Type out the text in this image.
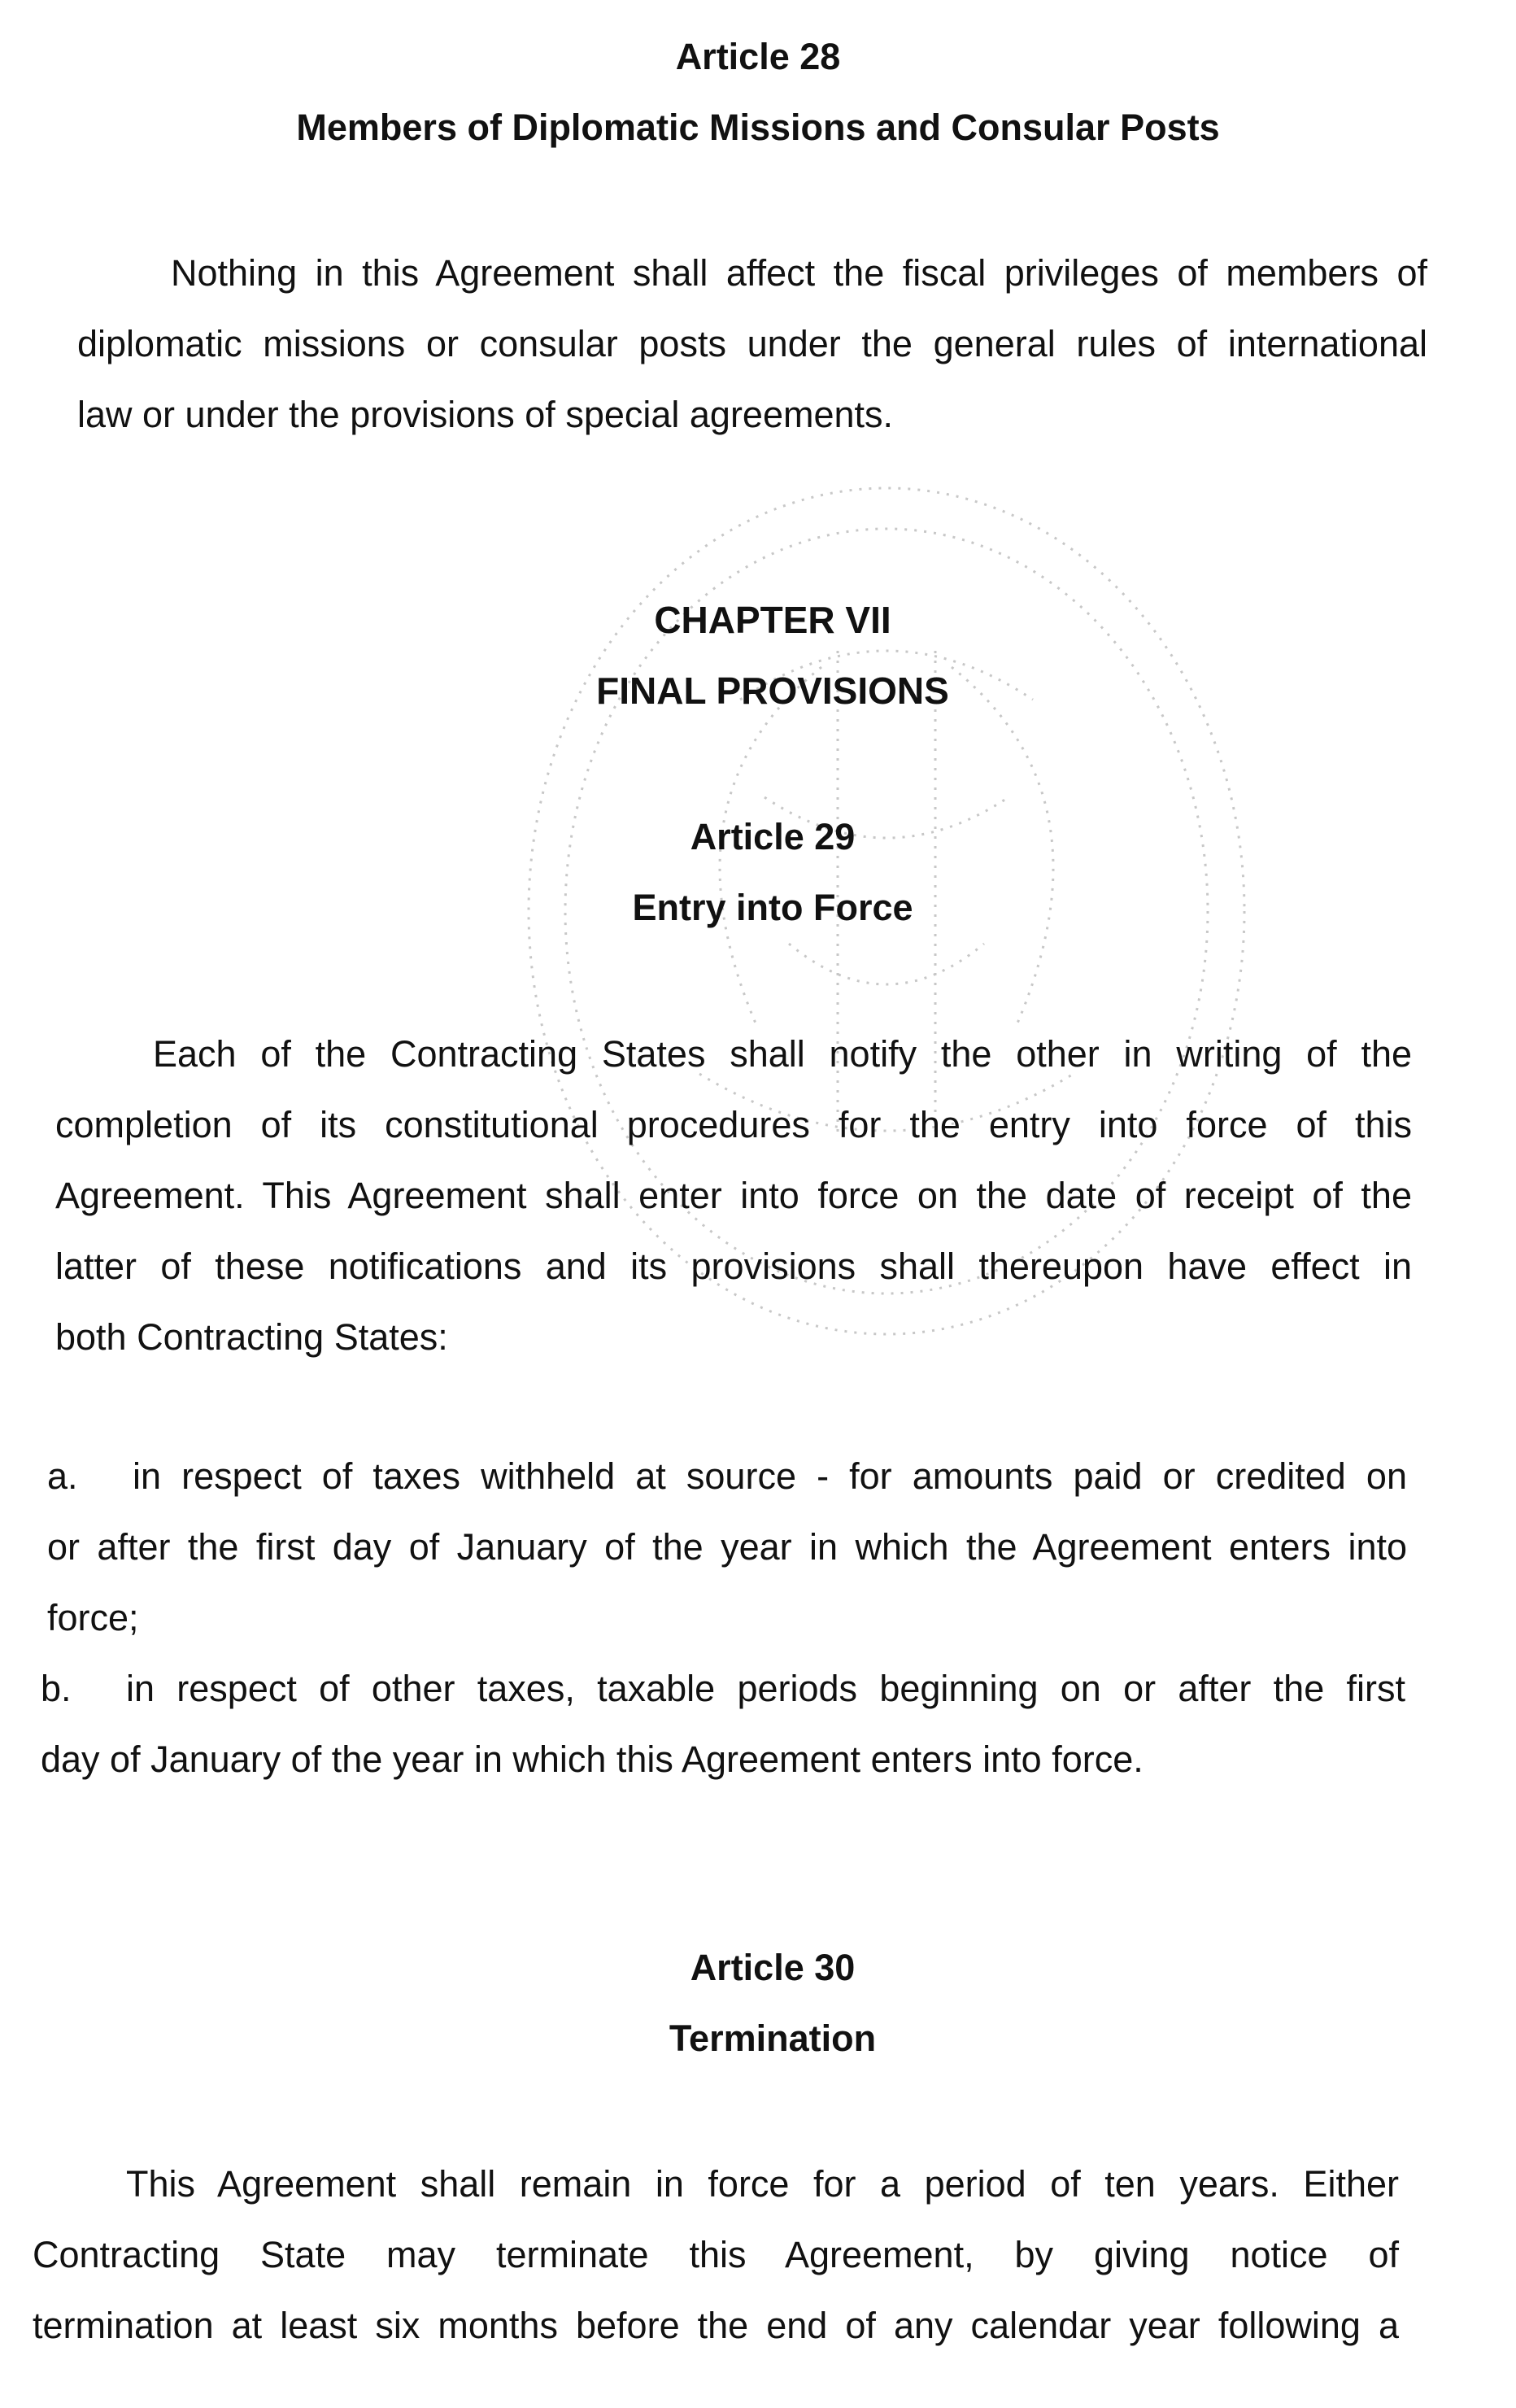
Article 28
Members of Diplomatic Missions and Consular Posts
Nothing in this Agreement shall affect the fiscal privileges of members of
diplomatic missions or consular posts under the general rules of international
law or under the provisions of special agreements.
CHAPTER VII
FINAL PROVISIONS
Article 29
Entry into Force
Each of the Contracting States shall notify the other in writing of the
completion of its constitutional procedures for the entry into force of this
Agreement. This Agreement shall enter into force on the date of receipt of the
latter of these notifications and its provisions shall thereupon have effect in
both Contracting States:
a. in respect of taxes withheld at source - for amounts paid or credited on
or after the first day of January of the year in which the Agreement enters into
force;
b. in respect of other taxes, taxable periods beginning on or after the first
day of January of the year in which this Agreement enters into force.
Article 30
Termination
This Agreement shall remain in force for a period of ten years. Either
Contracting State may terminate this Agreement, by giving notice of
termination at least six months before the end of any calendar year following a
